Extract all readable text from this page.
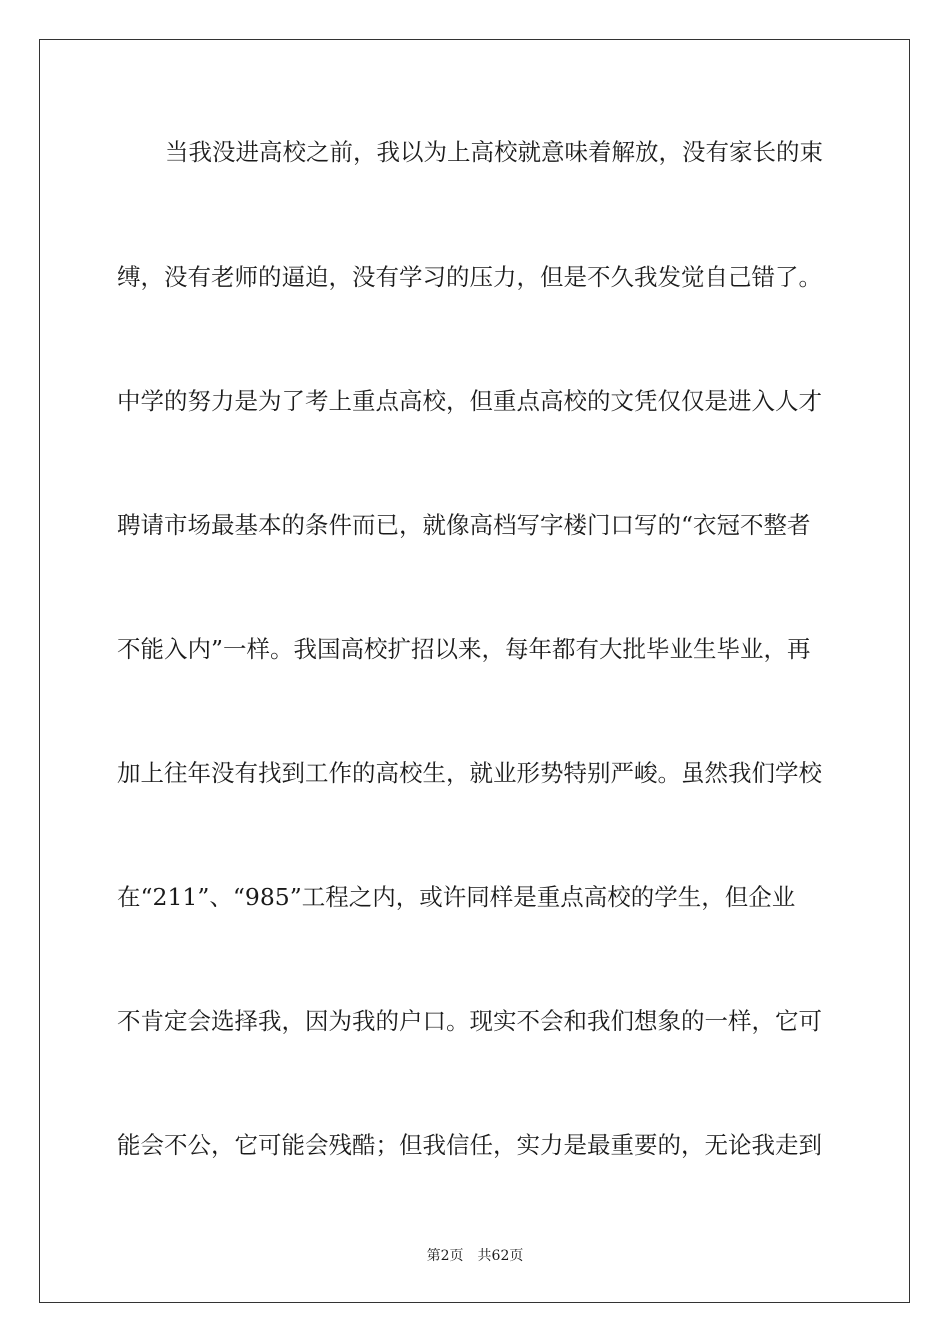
当我没进高校之前，我以为上高校就意味着解放，没有家长的束
缚，没有老师的逼迫，没有学习的压力，但是不久我发觉自己错了。
中学的努力是为了考上重点高校，但重点高校的文凭仅仅是进入人才
聘请市场最基本的条件而已，就像高档写字楼门口写的“衣冠不整者
不能入内”一样。我国高校扩招以来，每年都有大批毕业生毕业，再
加上往年没有找到工作的高校生，就业形势特别严峻。虽然我们学校
在“211”、“985”工程之内，或许同样是重点高校的学生，但企业
不肯定会选择我，因为我的户口。现实不会和我们想象的一样，它可
能会不公，它可能会残酷；但我信任，实力是最重要的，无论我走到
第2页 共62页
